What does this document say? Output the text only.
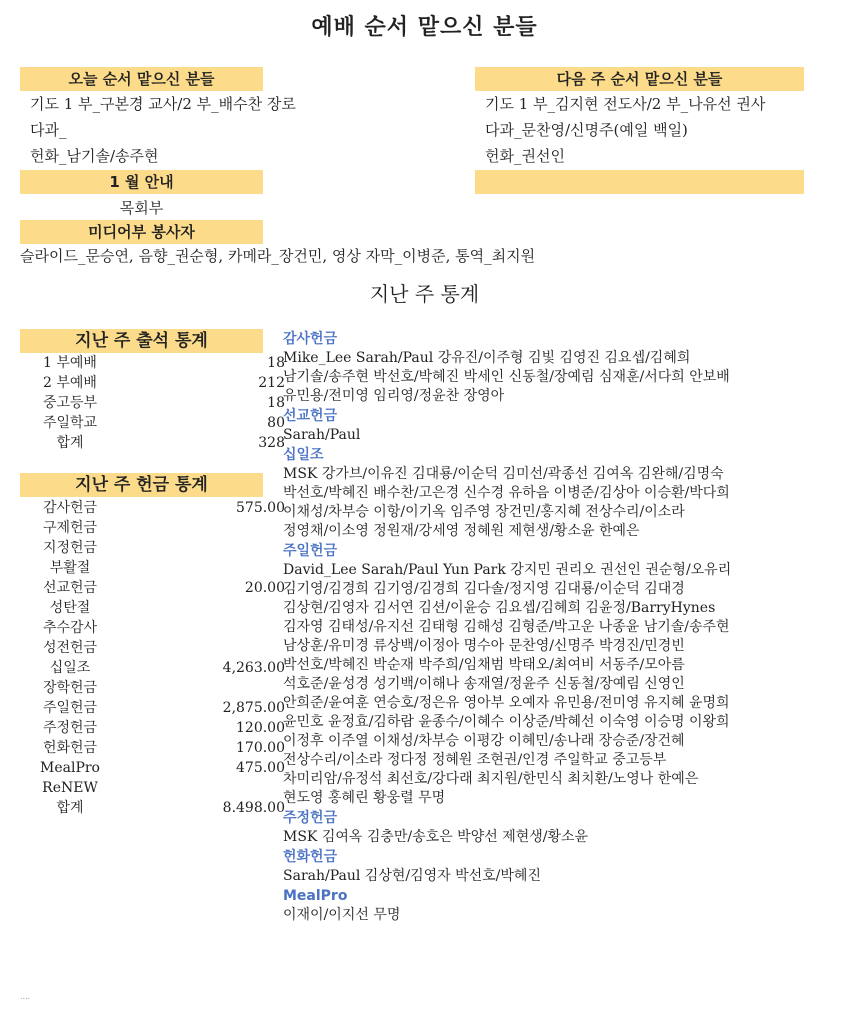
예배 순서 맡으신 분들
오늘 순서 맡으신 분들
기도 1 부_구본경 교사/2 부_배수찬 장로
다과_
헌화_남기솔/송주현
다음 주 순서 맡으신 분들
기도 1 부_김지현 전도사/2 부_나유선 권사
다과_문찬영/신명주(예일 백일)
헌화_권선인
1 월 안내
목회부
미디어부 봉사자
슬라이드_문승연, 음향_권순형, 카메라_장건민, 영상 자막_이병준, 통역_최지원
지난 주 통계
지난 주 출석 통계
1 부예배	18
2 부예배	212
중고등부	18
주일학교	80
합계	328
지난 주 헌금 통계
감사헌금	575.00
구제헌금
지정헌금
부활절
선교헌금	20.00
성탄절
추수감사
성전헌금
십일조	4,263.00
장학헌금
주일헌금	2,875.00
주정헌금	120.00
헌화헌금	170.00
MealPro	475.00
ReNEW
합계	8.498.00
감사헌금
Mike_Lee Sarah/Paul 강유진/이주형 김빛 김영진 김요셉/김혜희
남기솔/송주현 박선호/박혜진 박세인 신동철/장예림 심재훈/서다희 안보배
유민용/전미영 임리영/정윤찬 장영아
선교헌금
Sarah/Paul
십일조
MSK 강가브/이유진 김대룡/이순덕 김미선/곽종선 김여옥 김완해/김명숙
박선호/박혜진 배수찬/고은경 신수경 유하음 이병준/김상아 이승환/박다희
이채성/차부승 이항/이기옥 임주영 장건민/홍지혜 전상수리/이소라
정영채/이소영 정원재/강세영 정혜원 제현생/황소윤 한예은
주일헌금
David_Lee Sarah/Paul Yun Park 강지민 권리오 권선인 권순형/오유리
김기영/김경희 김기영/김경희 김다솔/정지영 김대룡/이순덕 김대경
김상현/김영자 김서연 김션/이윤승 김요셉/김혜희 김윤정/BarryHynes
김자영 김태성/유지선 김태형 김해성 김형준/박고운 나종윤 남기솔/송주현
남상훈/유미경 류상백/이정아 명수아 문찬영/신명주 박경진/민경빈
박선호/박혜진 박순재 박주희/임채범 박태오/최여비 서동주/모아름
석호준/윤성경 성기백/이해나 송재열/정윤주 신동철/장예림 신영인
안희준/윤여훈 연승호/정은유 영아부 오예자 유민용/전미영 유지혜 윤명희
윤민호 윤정효/김하람 윤종수/이혜수 이상준/박혜선 이숙영 이승명 이왕희
이정후 이주열 이채성/차부승 이평강 이혜민/송나래 장승준/장건혜
전상수리/이소라 정다정 정혜원 조현권/인경 주일학교 중고등부
차미리암/유정석 최선호/강다래 최지원/한민식 최치환/노영나 한예은
현도영 홍혜린 황웅렬 무명
주정헌금
MSK 김여옥 김충만/송호은 박양선 제현생/황소윤
헌화헌금
Sarah/Paul 김상현/김영자 박선호/박혜진
MealPro
이재이/이지선 무명
....
